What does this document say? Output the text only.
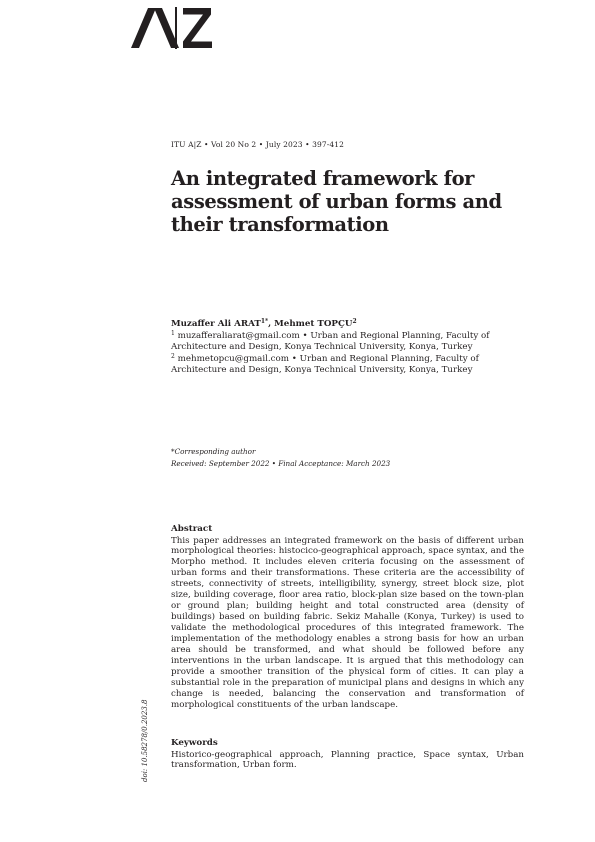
ITU A|Z • Vol 20 No 2 • July 2023 • 397-412
An integrated framework for assessment of urban forms and their transformation
Muzaffer Ali $ARAT^{1*}$, Mehmet TOPÇU$^2$
$^1$ muzafferaliarat@gmail.com • Urban and Regional Planning, Faculty of Architecture and Design, Konya Technical University, Konya, Turkey
$^2$ mehmetopcu@gmail.com • Urban and Regional Planning, Faculty of Architecture and Design, Konya Technical University, Konya, Turkey
*Corresponding author
Received: September 2022 • Final Acceptance: March 2023

Abstract

This paper addresses an integrated framework on the basis of different urban morphological theories: histocico-geographical approach, space syntax, and the Morpho method. It includes eleven criteria focusing on the assessment of urban forms and their transformations. These criteria are the accessibility of streets, connectivity of streets, intelligibility, synergy, street block size, plot size, building coverage, floor area ratio, block-plan size based on the town-plan or ground plan; building height and total constructed area (density of buildings) based on building fabric. Sekiz Mahalle (Konya, Turkey) is used to validate the methodological procedures of this integrated framework. The implementation of the methodology enables a strong basis for how an urban area should be transformed, and what should be followed before any interventions in the urban landscape. It is argued that this methodology can provide a smoother transition of the physical form of cities. It can play a substantial role in the preparation of municipal plans and designs in which any change is needed, balancing the conservation and transformation of morphological constituents of the urban landscape.

Keywords

Historico-geographical approach, Planning practice, Space syntax, Urban transformation, Urban form.

doi: 10.58278/0.2023.8
